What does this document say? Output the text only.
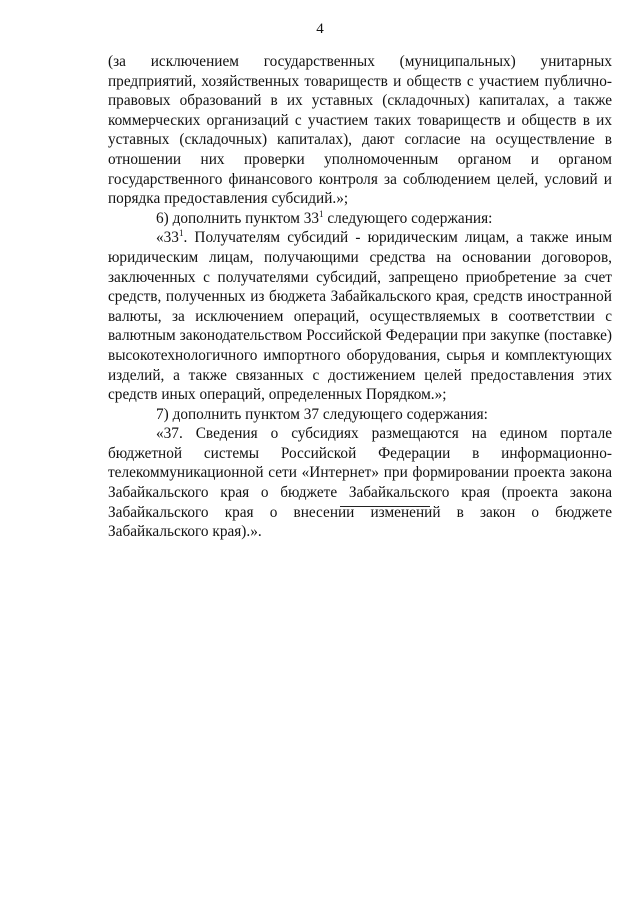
4

(за исключением государственных (муниципальных) унитарных предприятий, хозяйственных товариществ и обществ с участием публично-правовых образований в их уставных (складочных) капиталах, а также коммерческих организаций с участием таких товариществ и обществ в их уставных (складочных) капиталах), дают согласие на осуществление в отношении них проверки уполномоченным органом и органом государственного финансового контроля за соблюдением целей, условий и порядка предоставления субсидий.»;

6) дополнить пунктом $33^1$ следующего содержания:

«$33^1$. Получателям субсидий - юридическим лицам, а также иным юридическим лицам, получающими средства на основании договоров, заключенных с получателями субсидий, запрещено приобретение за счет средств, полученных из бюджета Забайкальского края, средств иностранной валюты, за исключением операций, осуществляемых в соответствии с валютным законодательством Российской Федерации при закупке (поставке) высокотехнологичного импортного оборудования, сырья и комплектующих изделий, а также связанных с достижением целей предоставления этих средств иных операций, определенных Порядком.»;

7) дополнить пунктом 37 следующего содержания:

«37. Сведения о субсидиях размещаются на едином портале бюджетной системы Российской Федерации в информационно-телекоммуникационной сети «Интернет» при формировании проекта закона Забайкальского края о бюджете Забайкальского края (проекта закона Забайкальского края о внесении изменений в закон о бюджете Забайкальского края).».
